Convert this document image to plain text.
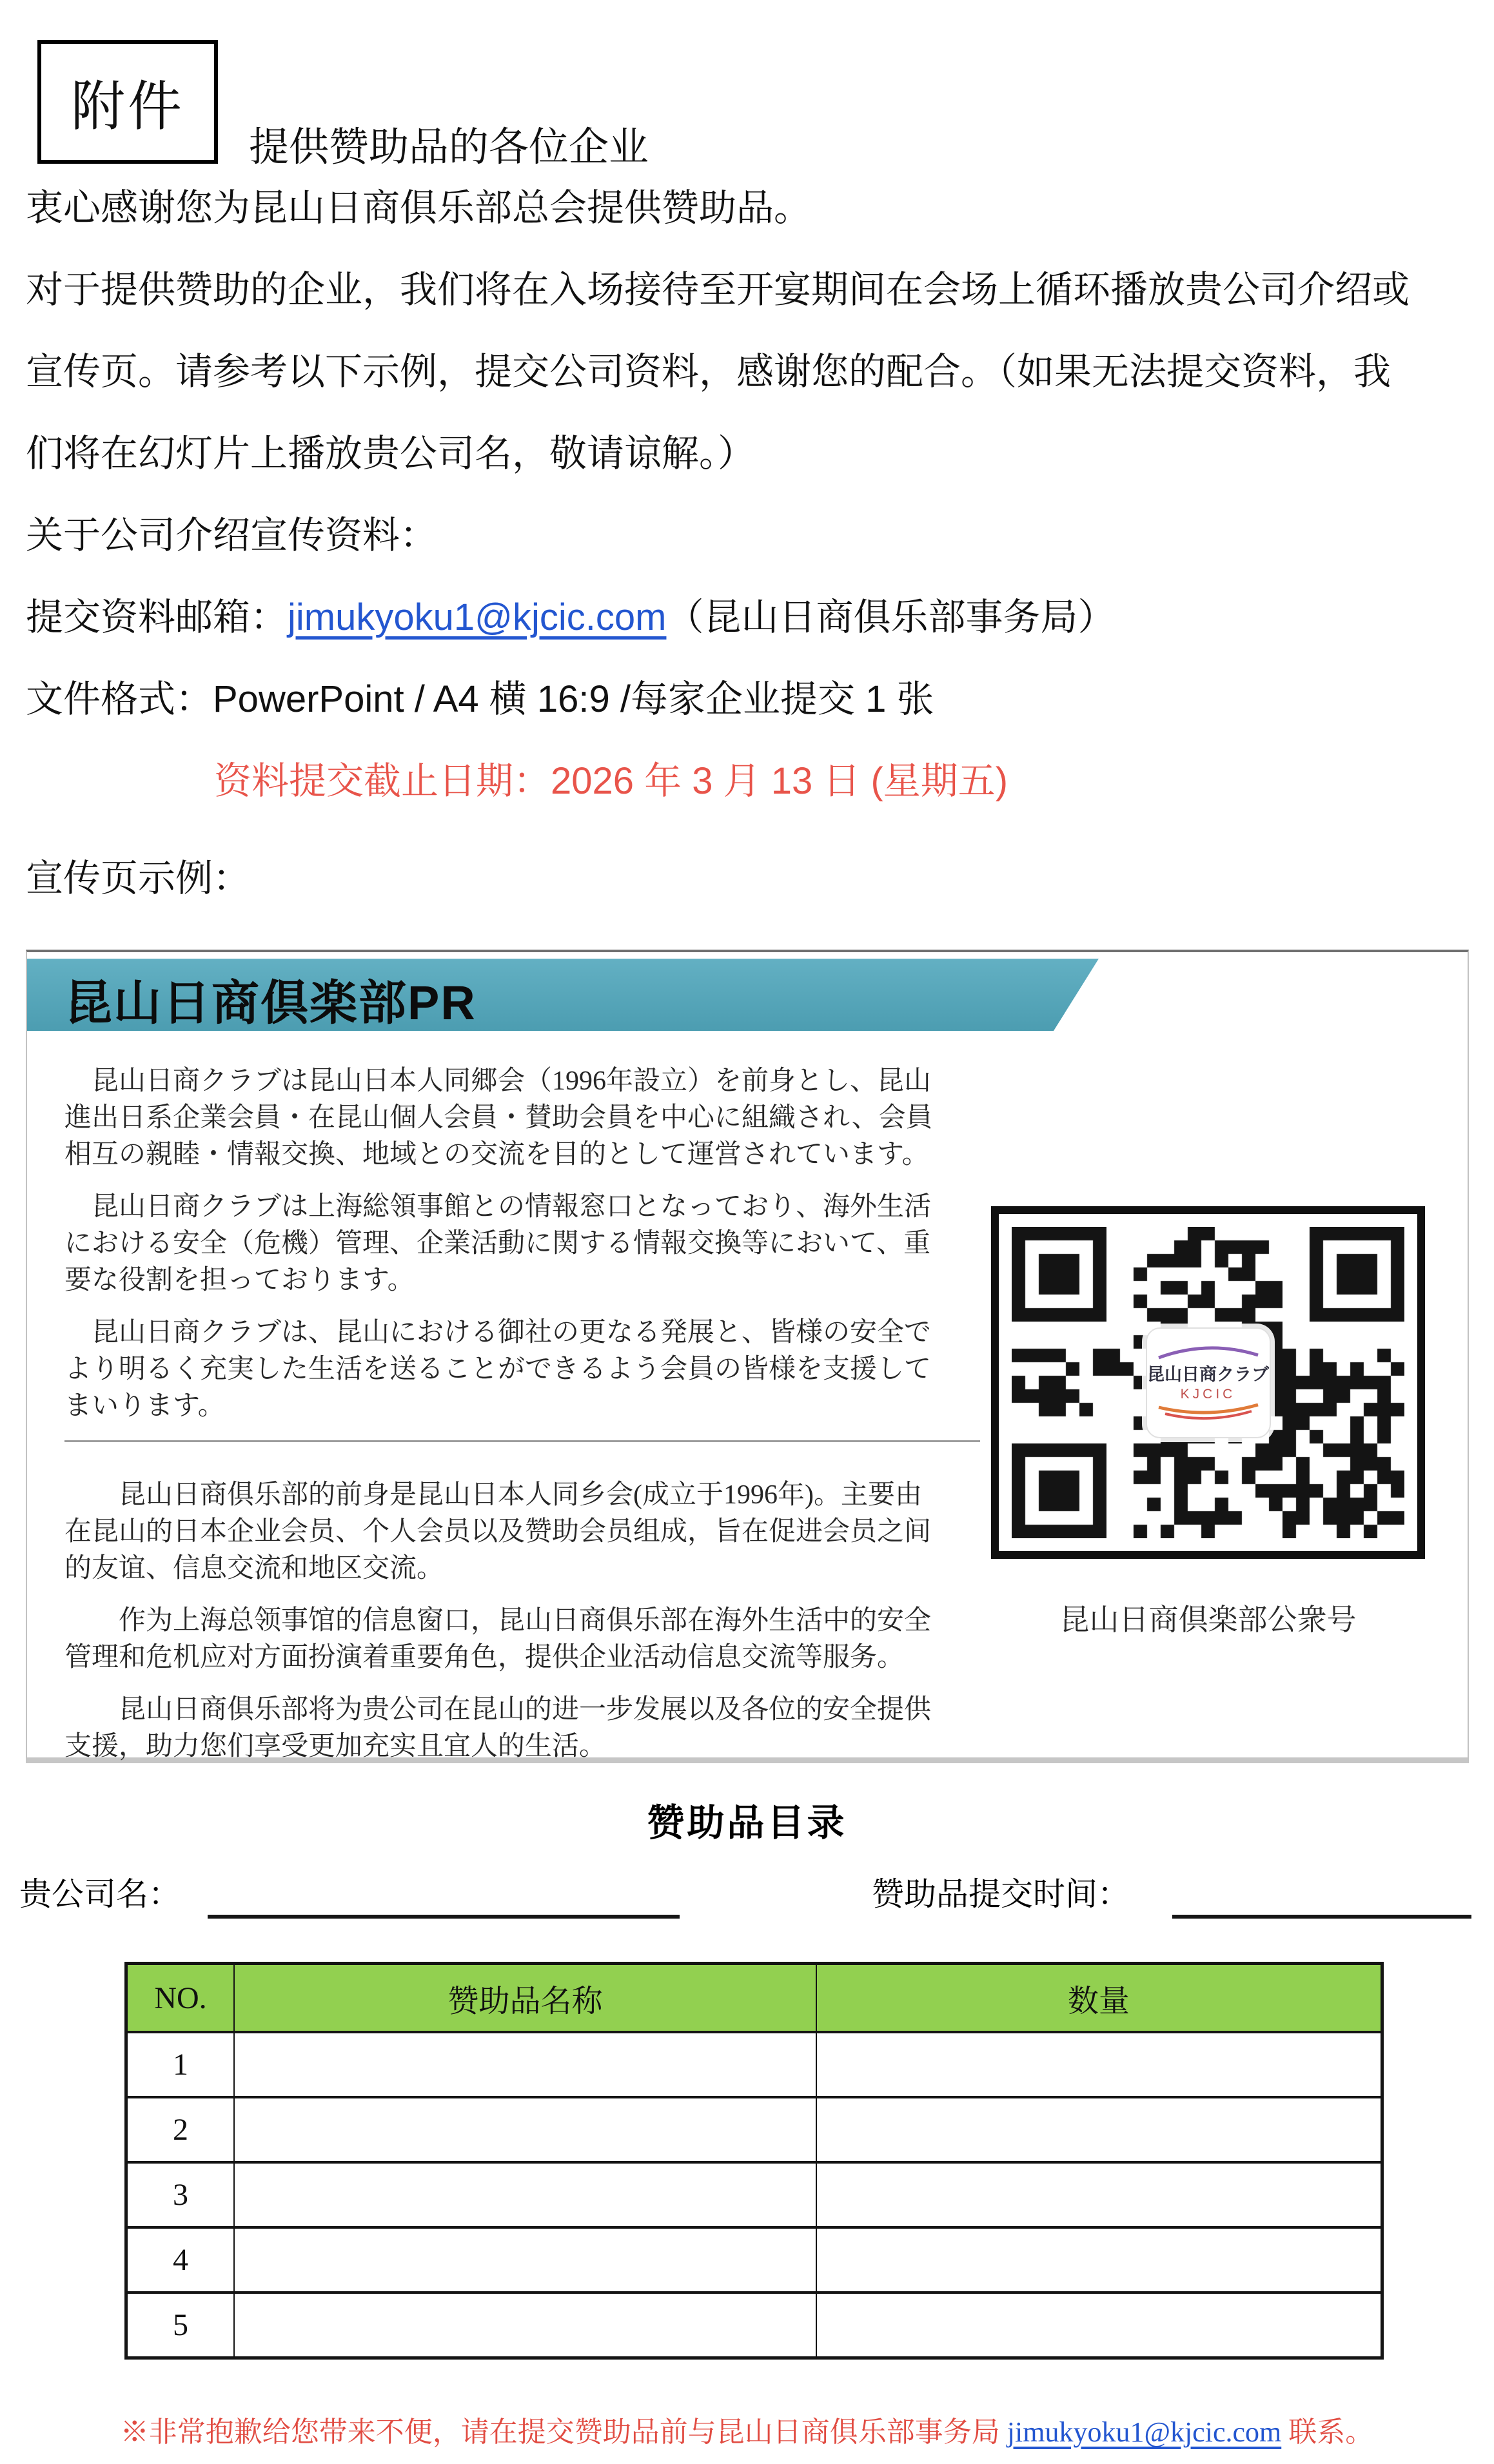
附件
提供赞助品的各位企业
衷心感谢您为昆山日商俱乐部总会提供赞助品。
对于提供赞助的企业，我们将在入场接待至开宴期间在会场上循环播放贵公司介绍或
宣传页。请参考以下示例，提交公司资料，感谢您的配合。（如果无法提交资料，我
们将在幻灯片上播放贵公司名，敬请谅解。）
关于公司介绍宣传资料：
提交资料邮箱：jimukyoku1@kjcic.com（昆山日商俱乐部事务局）
文件格式：PowerPoint / A4 横 16:9 /每家企业提交 1 张
资料提交截止日期：2026 年 3 月 13 日 (星期五)
宣传页示例：
昆山日商倶楽部PR
　昆山日商クラブは昆山日本人同郷会（1996年設立）を前身とし、昆山
進出日系企業会員・在昆山個人会員・賛助会員を中心に組織され、会員
相互の親睦・情報交換、地域との交流を目的として運営されています。
　昆山日商クラブは上海総領事館との情報窓口となっており、海外生活
における安全（危機）管理、企業活動に関する情報交換等において、重
要な役割を担っております。
　昆山日商クラブは、昆山における御社の更なる発展と、皆様の安全で
より明るく充実した生活を送ることができるよう会員の皆様を支援して
まいります。
　　昆山日商俱乐部的前身是昆山日本人同乡会(成立于1996年)。主要由
在昆山的日本企业会员、个人会员以及赞助会员组成，旨在促进会员之间
的友谊、信息交流和地区交流。
　　作为上海总领事馆的信息窗口，昆山日商俱乐部在海外生活中的安全
管理和危机应对方面扮演着重要角色，提供企业活动信息交流等服务。
　　昆山日商俱乐部将为贵公司在昆山的进一步发展以及各位的安全提供
支援，助力您们享受更加充实且宜人的生活。
昆山日商クラブ
KJCIC
昆山日商倶楽部公衆号
赞助品目录
贵公司名：	赞助品提交时间：
NO.	赞助品名称	数量
1
2
3
4
5
※非常抱歉给您带来不便，请在提交赞助品前与昆山日商俱乐部事务局 jimukyoku1@kjcic.com 联系。
